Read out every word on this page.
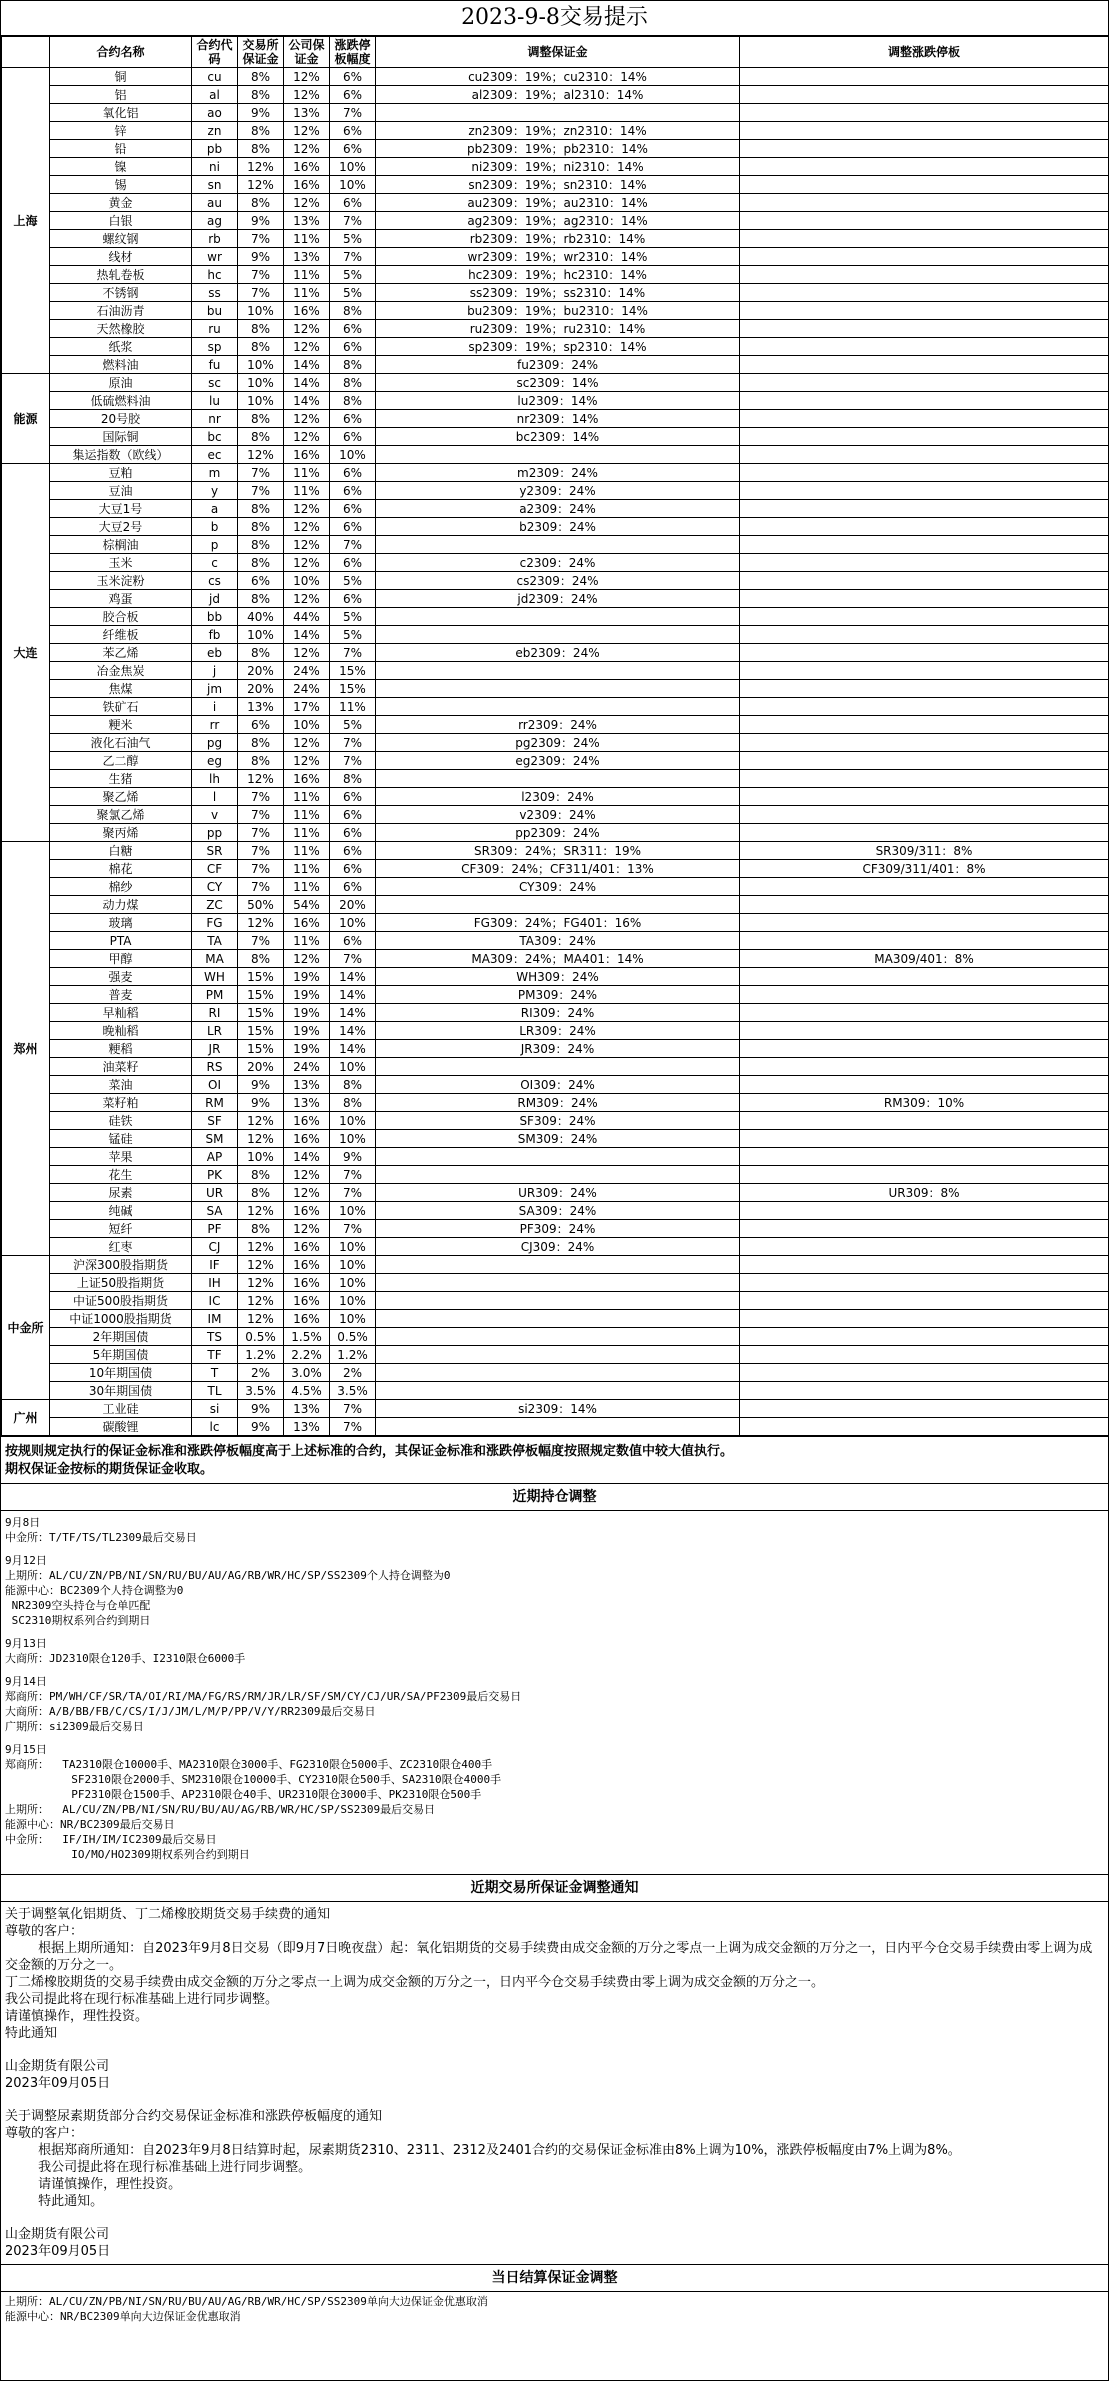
2023-9-8交易提示
	合约名称	合约代码	交易所保证金	公司保证金	涨跌停板幅度	调整保证金	调整涨跌停板
上海	铜	cu	8%	12%	6%	cu2309：19%；cu2310：14%	
	铝	al	8%	12%	6%	al2309：19%；al2310：14%	
	氧化铝	ao	9%	13%	7%		
	锌	zn	8%	12%	6%	zn2309：19%；zn2310：14%	
	铅	pb	8%	12%	6%	pb2309：19%；pb2310：14%	
	镍	ni	12%	16%	10%	ni2309：19%；ni2310：14%	
	锡	sn	12%	16%	10%	sn2309：19%；sn2310：14%	
	黄金	au	8%	12%	6%	au2309：19%；au2310：14%	
	白银	ag	9%	13%	7%	ag2309：19%；ag2310：14%	
	螺纹钢	rb	7%	11%	5%	rb2309：19%；rb2310：14%	
	线材	wr	9%	13%	7%	wr2309：19%；wr2310：14%	
	热轧卷板	hc	7%	11%	5%	hc2309：19%；hc2310：14%	
	不锈钢	ss	7%	11%	5%	ss2309：19%；ss2310：14%	
	石油沥青	bu	10%	16%	8%	bu2309：19%；bu2310：14%	
	天然橡胶	ru	8%	12%	6%	ru2309：19%；ru2310：14%	
	纸浆	sp	8%	12%	6%	sp2309：19%；sp2310：14%	
	燃料油	fu	10%	14%	8%	fu2309：24%	
能源	原油	sc	10%	14%	8%	sc2309：14%	
	低硫燃料油	lu	10%	14%	8%	lu2309：14%	
	20号胶	nr	8%	12%	6%	nr2309：14%	
	国际铜	bc	8%	12%	6%	bc2309：14%	
	集运指数（欧线）	ec	12%	16%	10%		
大连	豆粕	m	7%	11%	6%	m2309：24%	
	豆油	y	7%	11%	6%	y2309：24%	
	大豆1号	a	8%	12%	6%	a2309：24%	
	大豆2号	b	8%	12%	6%	b2309：24%	
	棕榈油	p	8%	12%	7%		
	玉米	c	8%	12%	6%	c2309：24%	
	玉米淀粉	cs	6%	10%	5%	cs2309：24%	
	鸡蛋	jd	8%	12%	6%	jd2309：24%	
	胶合板	bb	40%	44%	5%		
	纤维板	fb	10%	14%	5%		
	苯乙烯	eb	8%	12%	7%	eb2309：24%	
	冶金焦炭	j	20%	24%	15%		
	焦煤	jm	20%	24%	15%		
	铁矿石	i	13%	17%	11%		
	粳米	rr	6%	10%	5%	rr2309：24%	
	液化石油气	pg	8%	12%	7%	pg2309：24%	
	乙二醇	eg	8%	12%	7%	eg2309：24%	
	生猪	lh	12%	16%	8%		
	聚乙烯	l	7%	11%	6%	l2309：24%	
	聚氯乙烯	v	7%	11%	6%	v2309：24%	
	聚丙烯	pp	7%	11%	6%	pp2309：24%	
郑州	白糖	SR	7%	11%	6%	SR309：24%；SR311：19%	SR309/311：8%
	棉花	CF	7%	11%	6%	CF309：24%；CF311/401：13%	CF309/311/401：8%
	棉纱	CY	7%	11%	6%	CY309：24%	
	动力煤	ZC	50%	54%	20%		
	玻璃	FG	12%	16%	10%	FG309：24%；FG401：16%	
	PTA	TA	7%	11%	6%	TA309：24%	
	甲醇	MA	8%	12%	7%	MA309：24%；MA401：14%	MA309/401：8%
	强麦	WH	15%	19%	14%	WH309：24%	
	普麦	PM	15%	19%	14%	PM309：24%	
	早籼稻	RI	15%	19%	14%	RI309：24%	
	晚籼稻	LR	15%	19%	14%	LR309：24%	
	粳稻	JR	15%	19%	14%	JR309：24%	
	油菜籽	RS	20%	24%	10%		
	菜油	OI	9%	13%	8%	OI309：24%	
	菜籽粕	RM	9%	13%	8%	RM309：24%	RM309：10%
	硅铁	SF	12%	16%	10%	SF309：24%	
	锰硅	SM	12%	16%	10%	SM309：24%	
	苹果	AP	10%	14%	9%		
	花生	PK	8%	12%	7%		
	尿素	UR	8%	12%	7%	UR309：24%	UR309：8%
	纯碱	SA	12%	16%	10%	SA309：24%	
	短纤	PF	8%	12%	7%	PF309：24%	
	红枣	CJ	12%	16%	10%	CJ309：24%	
中金所	沪深300股指期货	IF	12%	16%	10%		
	上证50股指期货	IH	12%	16%	10%		
	中证500股指期货	IC	12%	16%	10%		
	中证1000股指期货	IM	12%	16%	10%		
	2年期国债	TS	0.5%	1.5%	0.5%		
	5年期国债	TF	1.2%	2.2%	1.2%		
	10年期国债	T	2%	3.0%	2%		
	30年期国债	TL	3.5%	4.5%	3.5%		
广州	工业硅	si	9%	13%	7%	si2309：14%	
	碳酸锂	lc	9%	13%	7%		
按规则规定执行的保证金标准和涨跌停板幅度高于上述标准的合约，其保证金标准和涨跌停板幅度按照规定数值中较大值执行。
期权保证金按标的期货保证金收取。
近期持仓调整
9月8日
中金所：T/TF/TS/TL2309最后交易日
9月12日
上期所：AL/CU/ZN/PB/NI/SN/RU/BU/AU/AG/RB/WR/HC/SP/SS2309个人持仓调整为0
能源中心：BC2309个人持仓调整为0
NR2309空头持仓与仓单匹配
SC2310期权系列合约到期日
9月13日
大商所：JD2310限仓120手、I2310限仓6000手
9月14日
郑商所：PM/WH/CF/SR/TA/OI/RI/MA/FG/RS/RM/JR/LR/SF/SM/CY/CJ/UR/SA/PF2309最后交易日
大商所：A/B/BB/FB/C/CS/I/J/JM/L/M/P/PP/V/Y/RR2309最后交易日
广期所：si2309最后交易日
9月15日
郑商所：  TA2310限仓10000手、MA2310限仓3000手、FG2310限仓5000手、ZC2310限仓400手
SF2310限仓2000手、SM2310限仓10000手、CY2310限仓500手、SA2310限仓4000手
PF2310限仓1500手、AP2310限仓40手、UR2310限仓3000手、PK2310限仓500手
上期所：  AL/CU/ZN/PB/NI/SN/RU/BU/AU/AG/RB/WR/HC/SP/SS2309最后交易日
能源中心：NR/BC2309最后交易日
中金所：  IF/IH/IM/IC2309最后交易日
IO/MO/HO2309期权系列合约到期日
近期交易所保证金调整通知
关于调整氧化铝期货、丁二烯橡胶期货交易手续费的通知
尊敬的客户：
根据上期所通知：自2023年9月8日交易（即9月7日晚夜盘）起：氧化铝期货的交易手续费由成交金额的万分之零点一上调为成交金额的万分之一，日内平今仓交易手续费由零上调为成交金额的万分之一。
丁二烯橡胶期货的交易手续费由成交金额的万分之零点一上调为成交金额的万分之一，日内平今仓交易手续费由零上调为成交金额的万分之一。
我公司提此将在现行标准基础上进行同步调整。
请谨慎操作，理性投资。
特此通知
山金期货有限公司
2023年09月05日
关于调整尿素期货部分合约交易保证金标准和涨跌停板幅度的通知
尊敬的客户：
根据郑商所通知：自2023年9月8日结算时起，尿素期货2310、2311、2312及2401合约的交易保证金标准由8%上调为10%，涨跌停板幅度由7%上调为8%。
我公司提此将在现行标准基础上进行同步调整。
请谨慎操作，理性投资。
特此通知。
山金期货有限公司
2023年09月05日
当日结算保证金调整
上期所：AL/CU/ZN/PB/NI/SN/RU/BU/AU/AG/RB/WR/HC/SP/SS2309单向大边保证金优惠取消
能源中心：NR/BC2309单向大边保证金优惠取消
